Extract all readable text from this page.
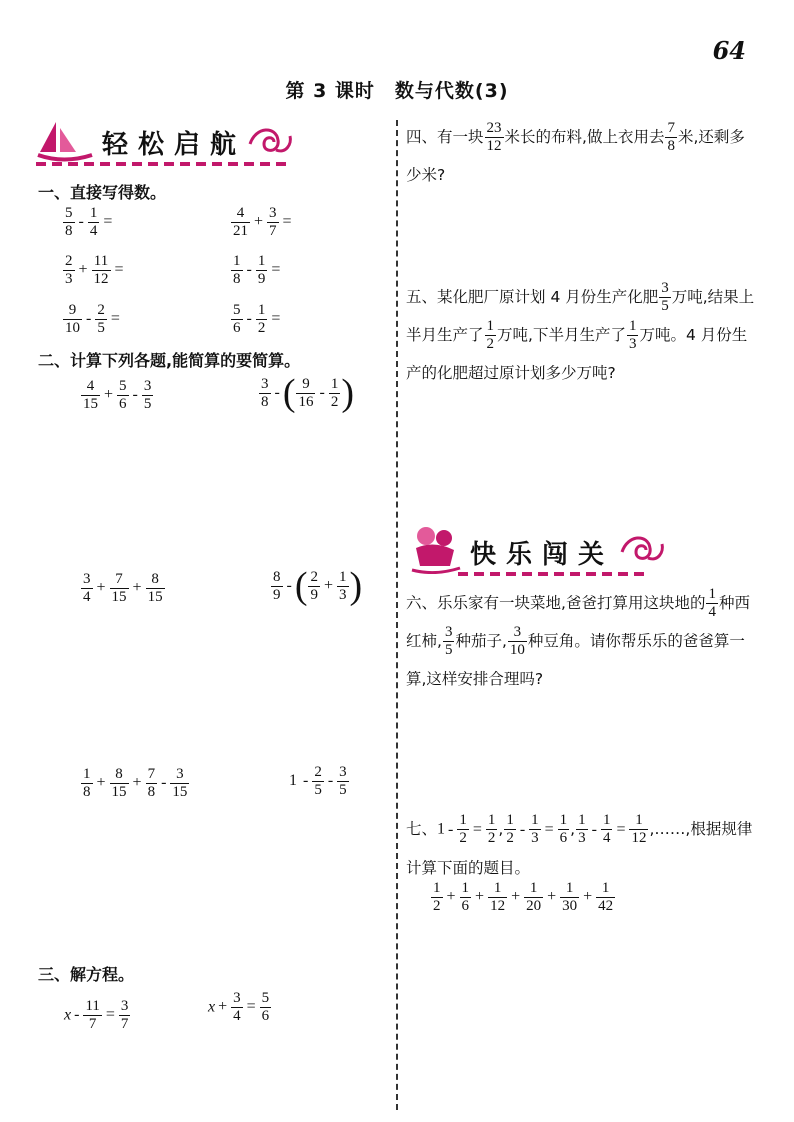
64
第 3 课时　数与代数(3)
轻松启航
一、直接写得数。
$\frac{5}{8} - \frac{1}{4}$ =	$\frac{4}{21} + \frac{3}{7}$ =
$\frac{2}{3} + \frac{11}{12}$ =	$\frac{1}{8} - \frac{1}{9}$ =
$\frac{9}{10} - \frac{2}{5}$ =	$\frac{5}{6} - \frac{1}{2}$ =
二、计算下列各题,能简算的要简算。
$\frac{4}{15} + \frac{5}{6} - \frac{3}{5}$	$\frac{3}{8}$ -( $\frac{9}{16} - \frac{1}{2}$ )
$\frac{3}{4} + \frac{7}{15} + \frac{8}{15}$	$\frac{8}{9}$ -( $\frac{2}{9} + \frac{1}{3}$ )
$\frac{1}{8} + \frac{8}{15} + \frac{7}{8} - \frac{3}{15}$	$1 - \frac{2}{5} - \frac{3}{5}$
三、解方程。
$x - \frac{11}{7} = \frac{3}{7}$	$x + \frac{3}{4} = \frac{5}{6}$
四、有一块 $\frac{23}{12}$ 米长的布料,做上衣用去 $\frac{7}{8}$ 米,还剩多少米?
五、某化肥厂原计划 4 月份生产化肥 $\frac{3}{5}$ 万吨,结果上半月生产了 $\frac{1}{2}$ 万吨,下半月生产了 $\frac{1}{3}$ 万吨。4 月份生产的化肥超过原计划多少万吨?
快乐闯关
六、乐乐家有一块菜地,爸爸打算用这块地的 $\frac{1}{4}$ 种西红柿, $\frac{3}{5}$ 种茄子, $\frac{3}{10}$ 种豆角。请你帮乐乐的爸爸算一算,这样安排合理吗?
七、$1 - \frac{1}{2} = \frac{1}{2}$ , $\frac{1}{2} - \frac{1}{3} = \frac{1}{6}$ , $\frac{1}{3} - \frac{1}{4} = \frac{1}{12}$ ,……,根据规律计算下面的题目。
$\frac{1}{2} + \frac{1}{6} + \frac{1}{12} + \frac{1}{20} + \frac{1}{30} + \frac{1}{42}$
